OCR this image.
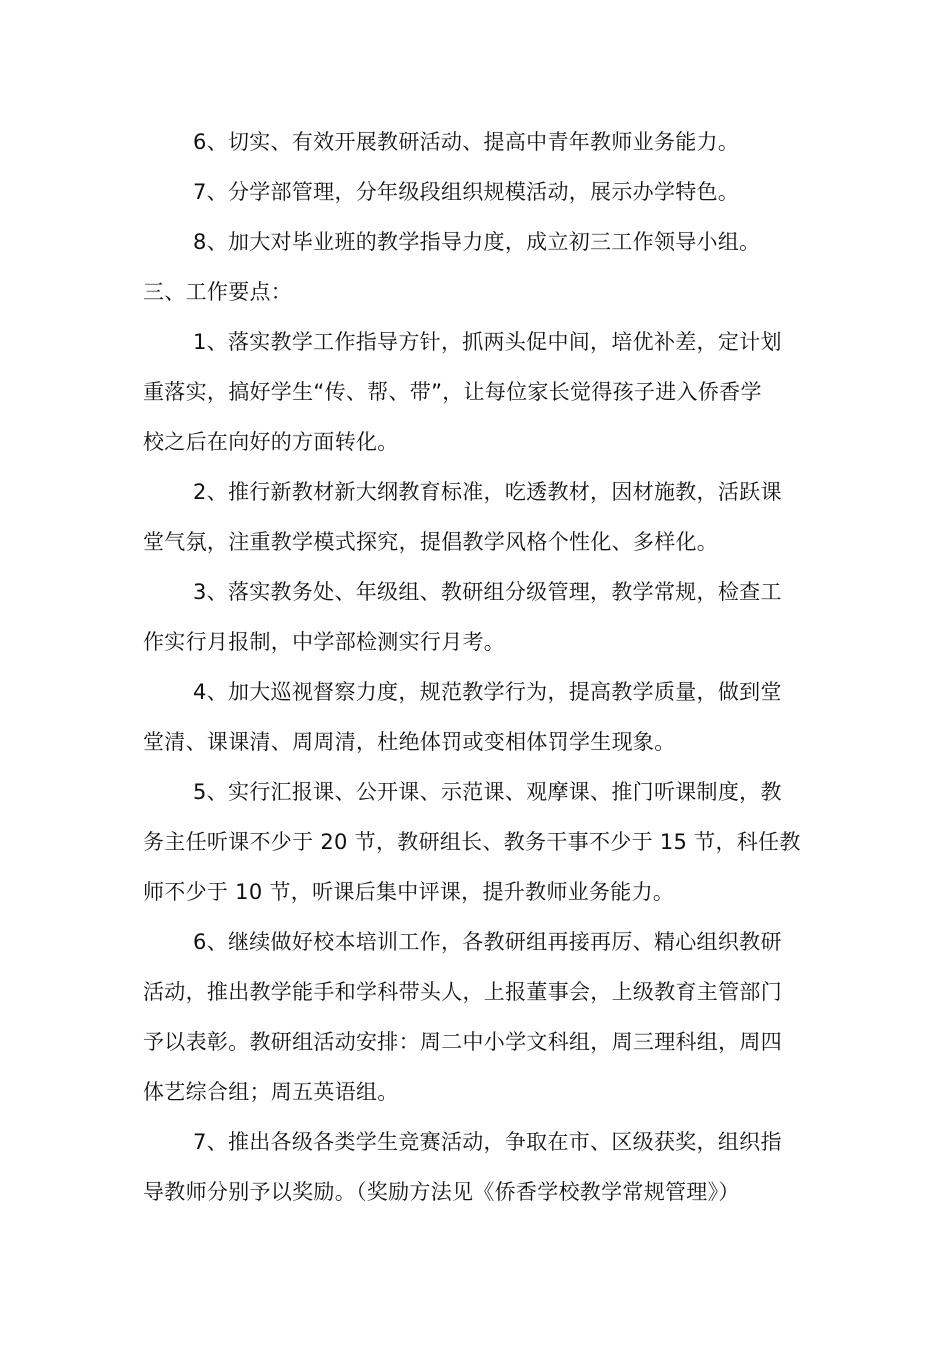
6、切实、有效开展教研活动、提高中青年教师业务能力。
7、分学部管理，分年级段组织规模活动，展示办学特色。
8、加大对毕业班的教学指导力度，成立初三工作领导小组。
三、工作要点：
1、落实教学工作指导方针，抓两头促中间，培优补差，定计划
重落实，搞好学生“传、帮、带”，让每位家长觉得孩子进入侨香学
校之后在向好的方面转化。
2、推行新教材新大纲教育标准，吃透教材，因材施教，活跃课
堂气氛，注重教学模式探究，提倡教学风格个性化、多样化。
3、落实教务处、年级组、教研组分级管理，教学常规，检查工
作实行月报制，中学部检测实行月考。
4、加大巡视督察力度，规范教学行为，提高教学质量，做到堂
堂清、课课清、周周清，杜绝体罚或变相体罚学生现象。
5、实行汇报课、公开课、示范课、观摩课、推门听课制度，教
务主任听课不少于 20 节，教研组长、教务干事不少于 15 节，科任教
师不少于 10 节，听课后集中评课，提升教师业务能力。
6、继续做好校本培训工作，各教研组再接再厉、精心组织教研
活动，推出教学能手和学科带头人，上报董事会，上级教育主管部门
予以表彰。教研组活动安排：周二中小学文科组，周三理科组，周四
体艺综合组；周五英语组。
7、推出各级各类学生竞赛活动，争取在市、区级获奖，组织指
导教师分别予以奖励。（奖励方法见《侨香学校教学常规管理》）
